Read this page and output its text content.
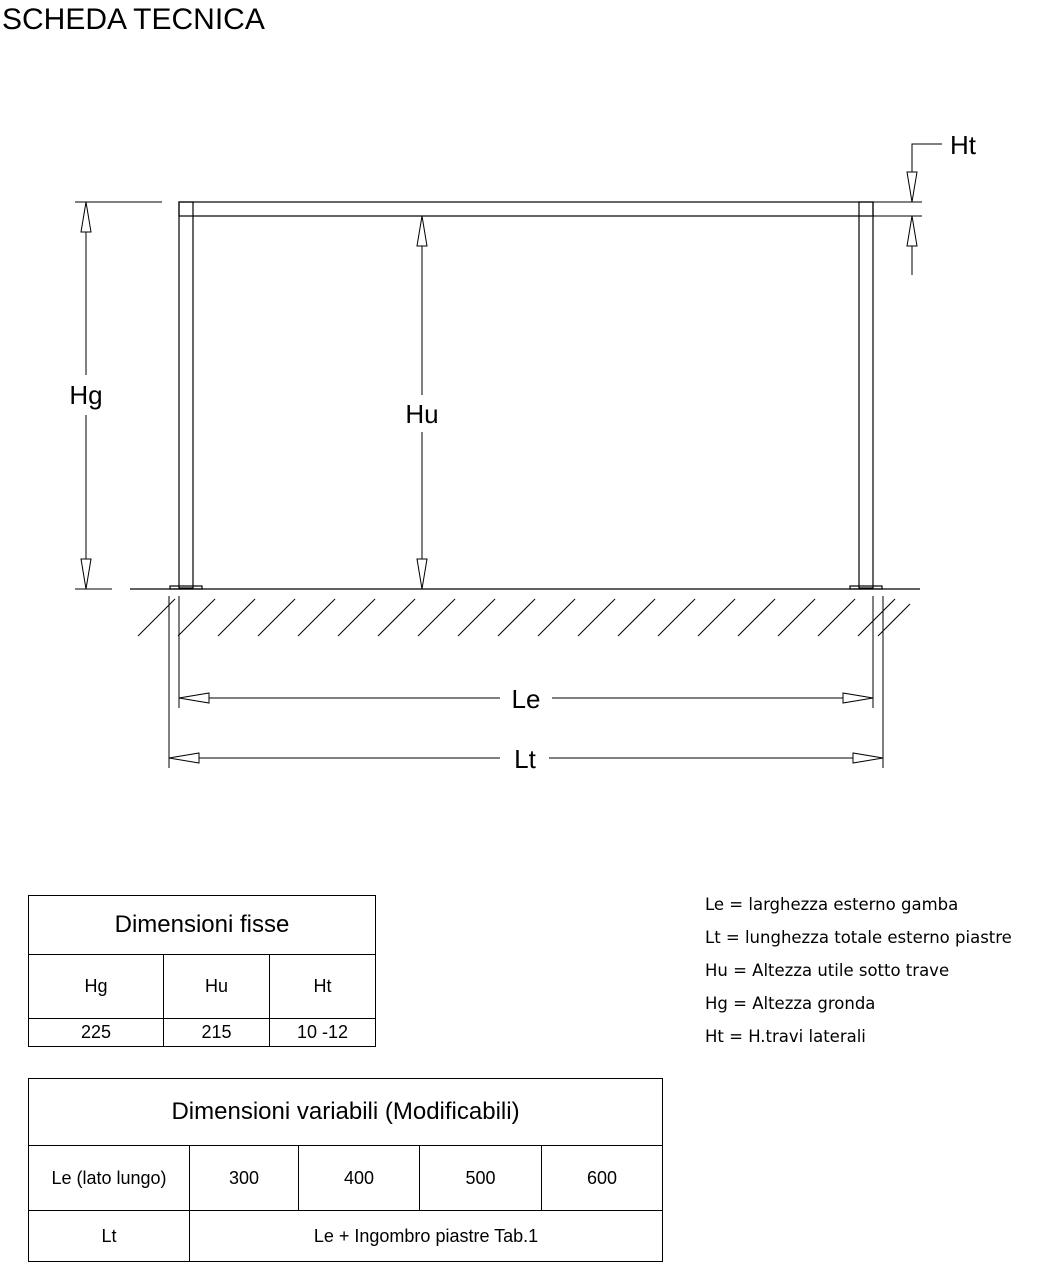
SCHEDA TECNICA
Hg
Hu
Ht
Le
Lt
Dimensioni fisse		
Hg	Hu	Ht
225	215	10 -12
Dimensioni variabili (Modificabili)				
Le (lato lungo)	300	400	500	600
Lt	Le + Ingombro piastre Tab.1			
Le = larghezza esterno gamba
Lt = lunghezza totale esterno piastre
Hu = Altezza utile sotto trave
Hg = Altezza gronda
Ht = H.travi laterali
